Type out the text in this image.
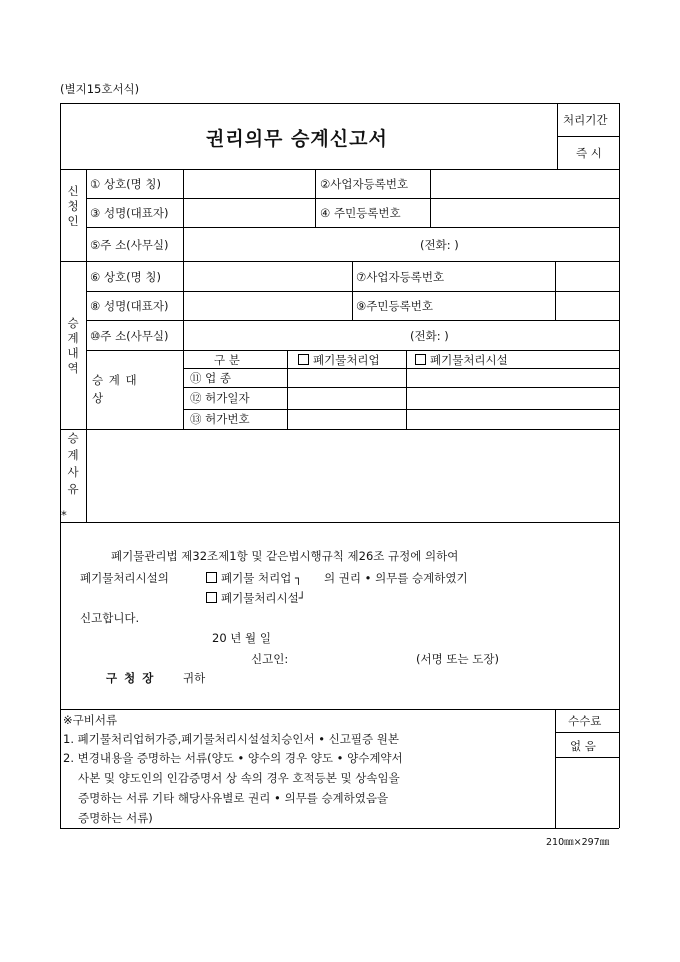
(별지15호서식)
권리의무 승계신고서
처리기간
즉 시
신청인
① 상호(명 칭)	②사업자등록번호
③ 성명(대표자)	④ 주민등록번호
⑤주 소(사무실)	(전화: )
승계내역
⑥ 상호(명 칭)	⑦사업자등록번호
⑧ 성명(대표자)	⑨주민등록번호
⑩주 소(사무실)	(전화: )
승 계 대
상
구 분	폐기물처리업	폐기물처리시설
⑪ 업 종
⑫ 허가일자
⑬ 허가번호
승계사유
*
폐기물관리법 제32조제1항 및 같은법시행규칙 제26조 규정에 의하여
폐기물처리시설의	폐기물 처리업 ┐ 의 권리 • 의무를 승계하였기
폐기물처리시설┘
신고합니다.
20 년 월 일
신고인:	(서명 또는 도장)
구 청 장	귀하
※구비서류
1. 폐기물처리업허가증,폐기물처리시설설치승인서 • 신고필증 원본
2. 변경내용을 증명하는 서류(양도 • 양수의 경우 양도 • 양수계약서
사본 및 양도인의 인감증명서 상 속의 경우 호적등본 및 상속임을
증명하는 서류 기타 해당사유별로 권리 • 의무를 승계하였음을
증명하는 서류)
수수료
없 음
210㎜×297㎜
